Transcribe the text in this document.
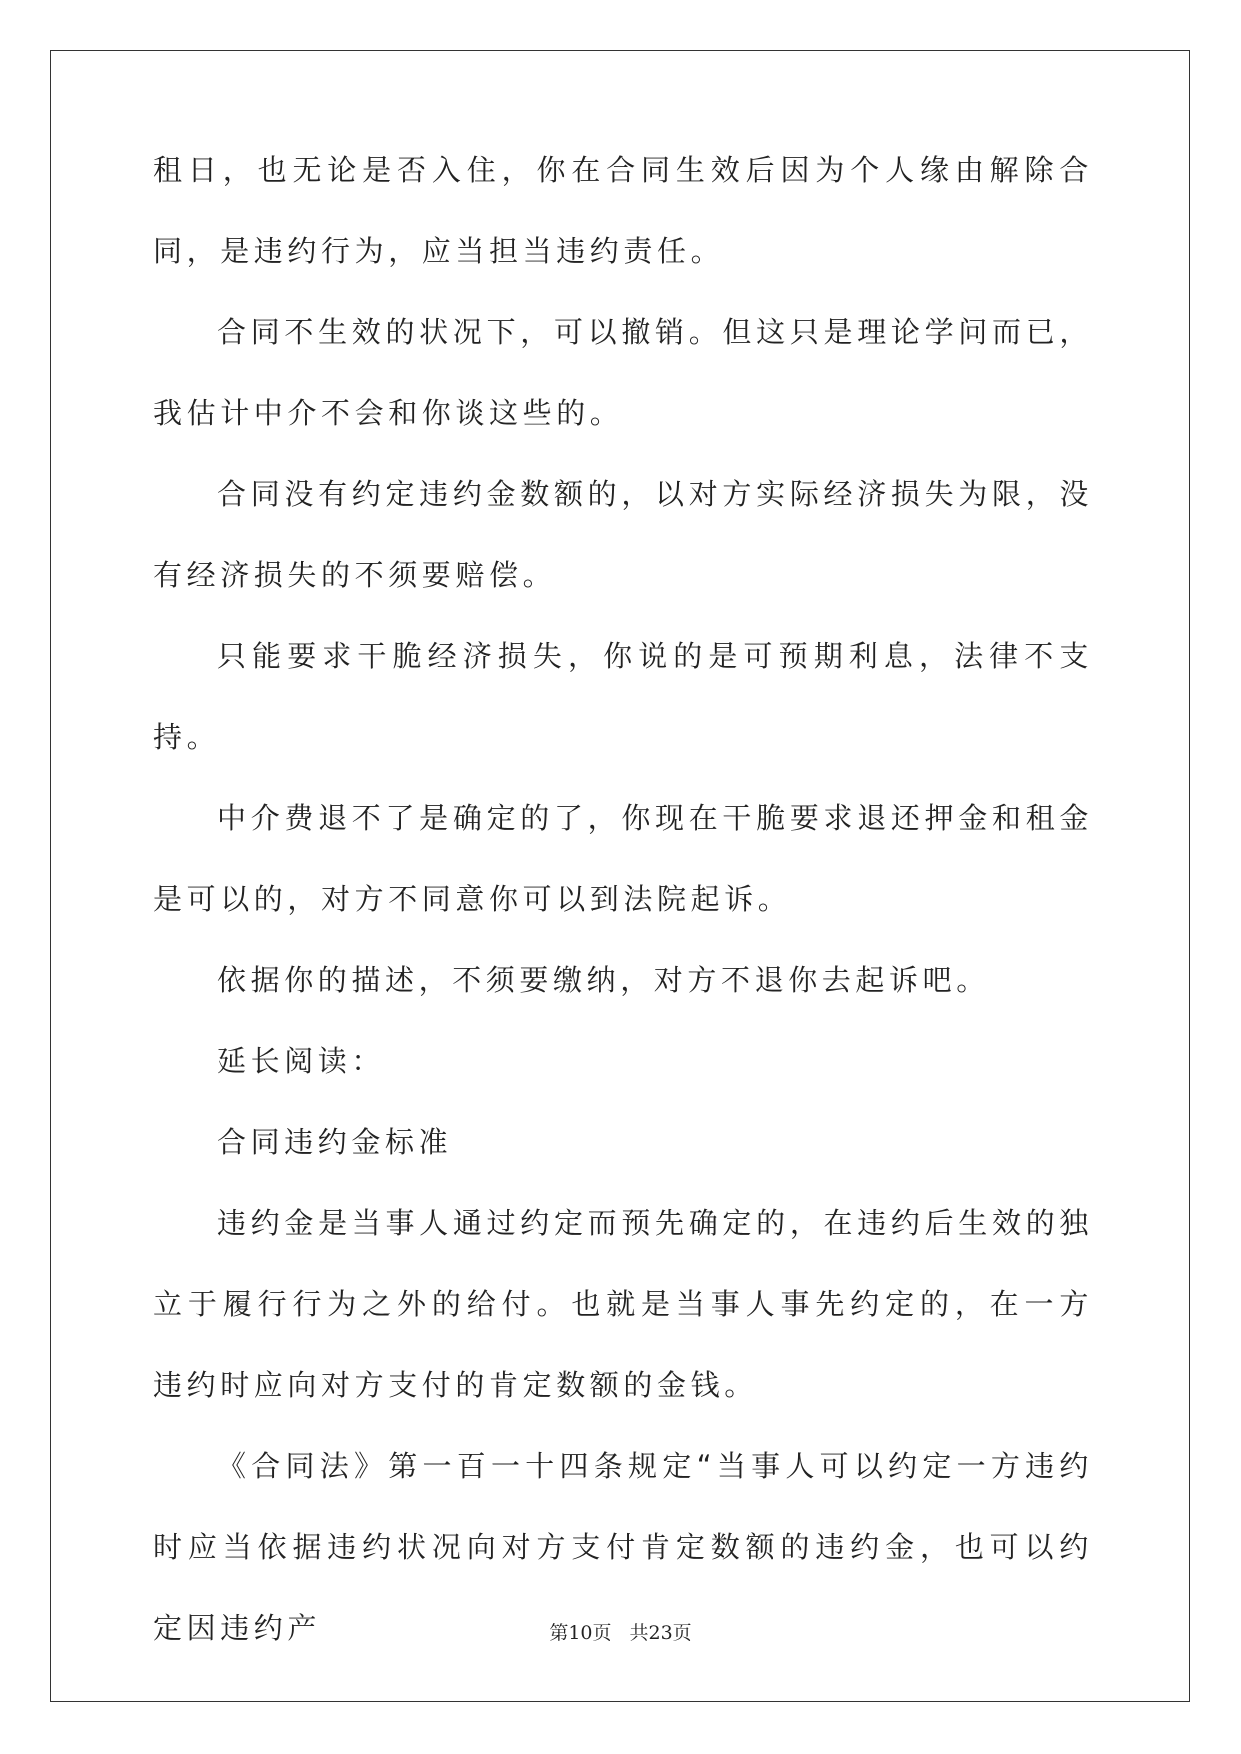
租日，也无论是否入住，你在合同生效后因为个人缘由解除合同，是违约行为，应当担当违约责任。

合同不生效的状况下，可以撤销。但这只是理论学问而已，我估计中介不会和你谈这些的。

合同没有约定违约金数额的，以对方实际经济损失为限，没有经济损失的不须要赔偿。

只能要求干脆经济损失，你说的是可预期利息，法律不支持。

中介费退不了是确定的了，你现在干脆要求退还押金和租金是可以的，对方不同意你可以到法院起诉。

依据你的描述，不须要缴纳，对方不退你去起诉吧。

延长阅读：

合同违约金标准

违约金是当事人通过约定而预先确定的，在违约后生效的独立于履行行为之外的给付。也就是当事人事先约定的，在一方违约时应向对方支付的肯定数额的金钱。

《合同法》第一百一十四条规定“当事人可以约定一方违约时应当依据违约状况向对方支付肯定数额的违约金，也可以约定因违约产	第10页 共23页
